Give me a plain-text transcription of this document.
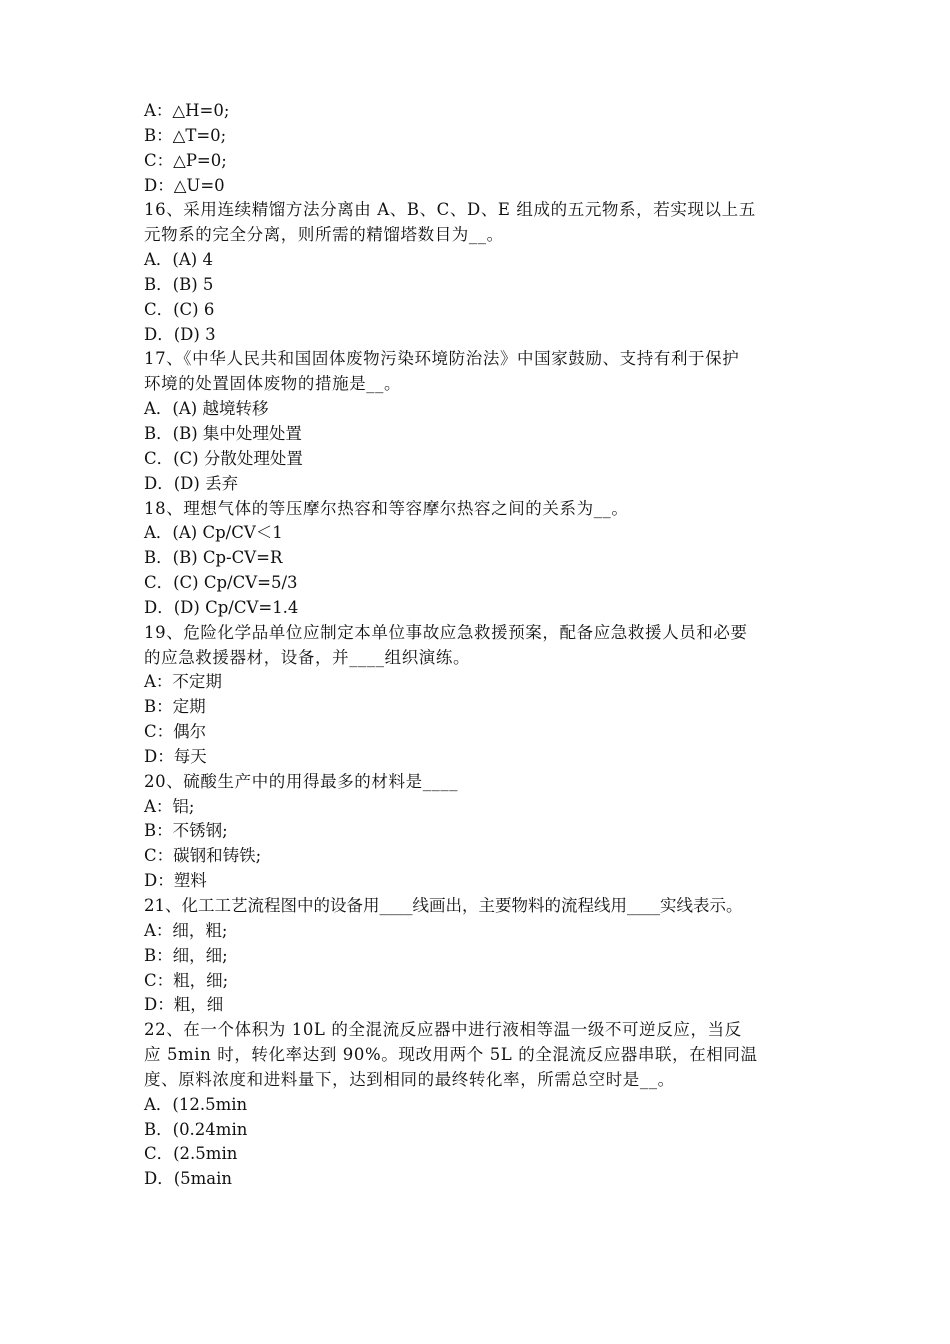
A：△H=0;
B：△T=0;
C：△P=0;
D：△U=0
16、采用连续精馏方法分离由 A、B、C、D、E 组成的五元物系，若实现以上五
元物系的完全分离，则所需的精馏塔数目为__。
A．(A) 4
B．(B) 5
C．(C) 6
D．(D) 3
17、《中华人民共和国固体废物污染环境防治法》中国家鼓励、支持有利于保护
环境的处置固体废物的措施是__。
A．(A) 越境转移
B．(B) 集中处理处置
C．(C) 分散处理处置
D．(D) 丢弃
18、理想气体的等压摩尔热容和等容摩尔热容之间的关系为__。
A．(A) Cp/CV＜1
B．(B) Cp-CV=R
C．(C) Cp/CV=5/3
D．(D) Cp/CV=1.4
19、危险化学品单位应制定本单位事故应急救援预案，配备应急救援人员和必要
的应急救援器材，设备，并____组织演练。
A：不定期
B：定期
C：偶尔
D：每天
20、硫酸生产中的用得最多的材料是____
A：铝;
B：不锈钢;
C：碳钢和铸铁;
D：塑料
21、化工工艺流程图中的设备用____线画出，主要物料的流程线用____实线表示。
A：细，粗;
B：细，细;
C：粗，细;
D：粗，细
22、在一个体积为 10L 的全混流反应器中进行液相等温一级不可逆反应，当反
应 5min 时，转化率达到 90%。现改用两个 5L 的全混流反应器串联，在相同温
度、原料浓度和进料量下，达到相同的最终转化率，所需总空时是__。
A．(12.5min
B．(0.24min
C．(2.5min
D．(5main
